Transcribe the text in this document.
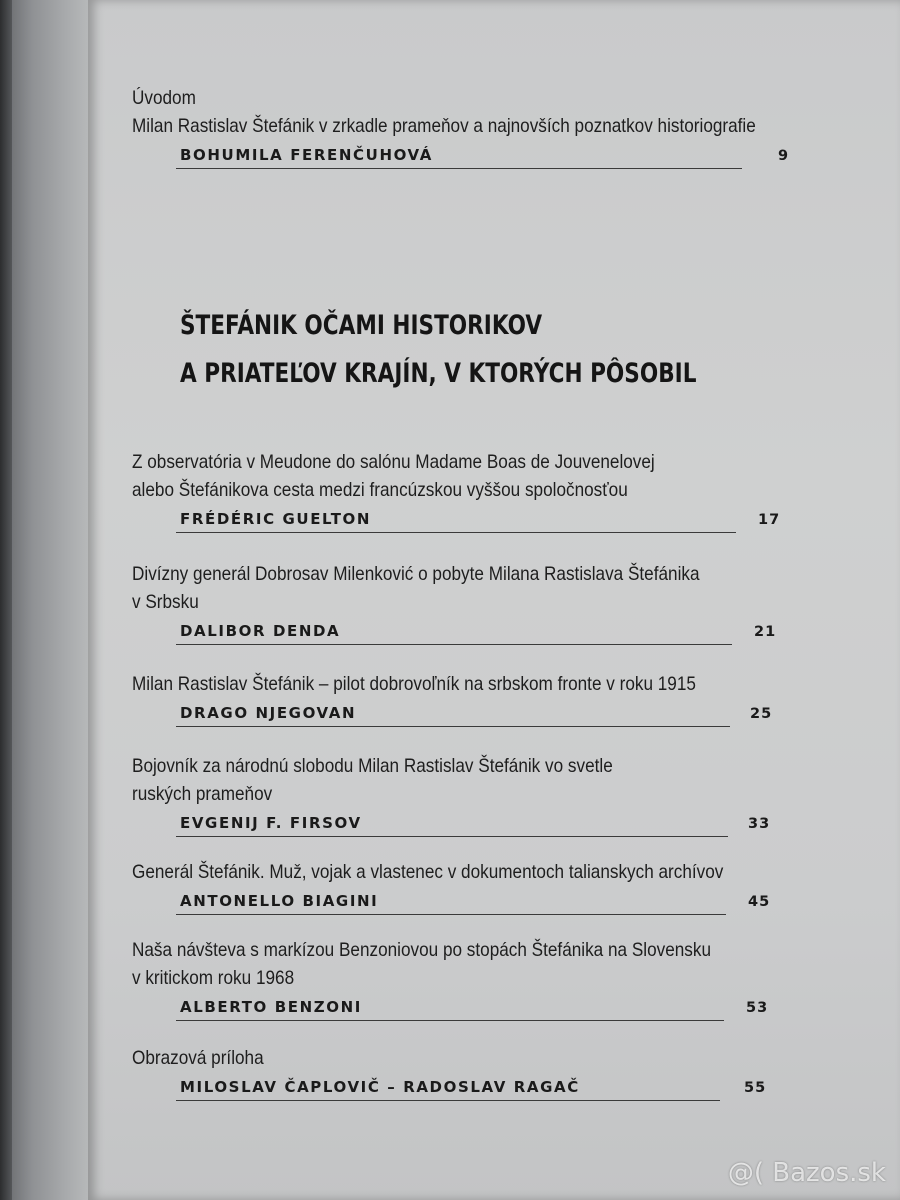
Úvodom
Milan Rastislav Štefánik v zrkadle prameňov a najnovších poznatkov historiografie
BOHUMILA FERENČUHOVÁ	9
ŠTEFÁNIK OČAMI HISTORIKOV
A PRIATEĽOV KRAJÍN, V KTORÝCH PÔSOBIL
Z observatória v Meudone do salónu Madame Boas de Jouvenelovej
alebo Štefánikova cesta medzi francúzskou vyššou spoločnosťou
FRÉDÉRIC GUELTON	17
Divízny generál Dobrosav Milenković o pobyte Milana Rastislava Štefánika
v Srbsku
DALIBOR DENDA	21
Milan Rastislav Štefánik – pilot dobrovoľník na srbskom fronte v roku 1915
DRAGO NJEGOVAN	25
Bojovník za národnú slobodu Milan Rastislav Štefánik vo svetle
ruských prameňov
EVGENIJ F. FIRSOV	33
Generál Štefánik. Muž, vojak a vlastenec v dokumentoch talianskych archívov
ANTONELLO BIAGINI	45
Naša návšteva s markízou Benzoniovou po stopách Štefánika na Slovensku
v kritickom roku 1968
ALBERTO BENZONI	53
Obrazová príloha
MILOSLAV ČAPLOVIČ – RADOSLAV RAGAČ	55
@( Bazos.sk
